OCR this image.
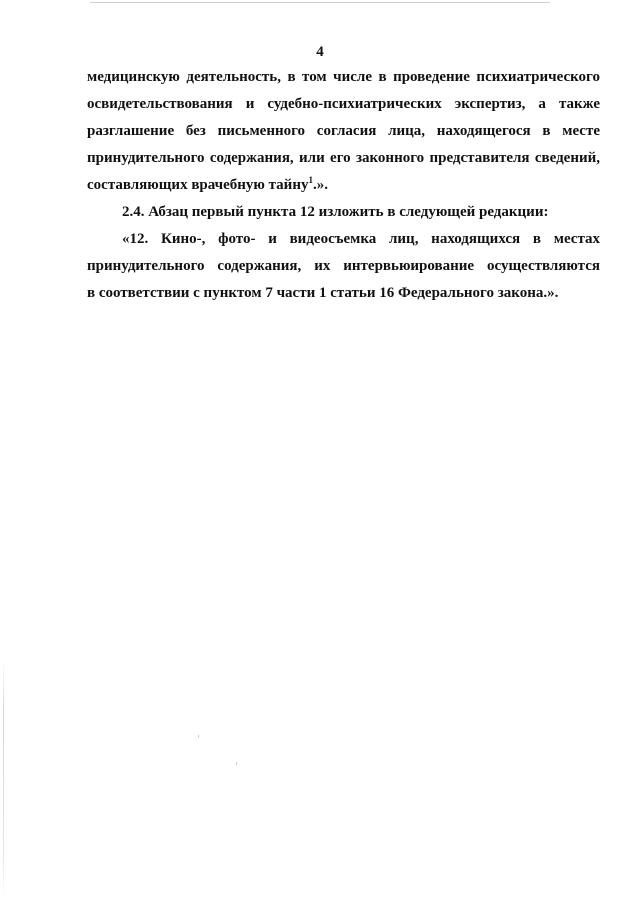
4
медицинскую деятельность, в том числе в проведение психиатрического
освидетельствования и судебно-психиатрических экспертиз, а также
разглашение без письменного согласия лица, находящегося в месте
принудительного содержания, или его законного представителя сведений,
составляющих врачебную тайну$^1$.».
2.4. Абзац первый пункта 12 изложить в следующей редакции:
«12. Кино-, фото- и видеосъемка лиц, находящихся в местах
принудительного содержания, их интервьюирование осуществляются
в соответствии с пунктом 7 части 1 статьи 16 Федерального закона.».
